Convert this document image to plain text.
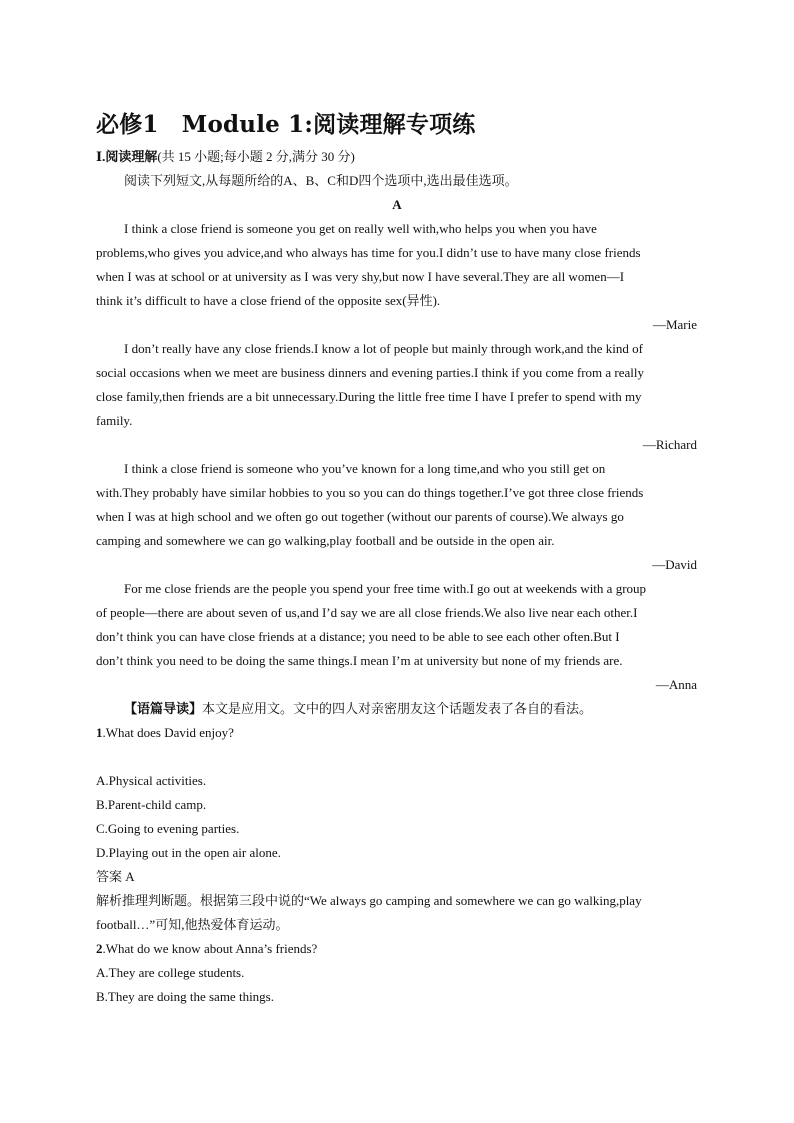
必修1　Module 1:阅读理解专项练
Ⅰ.阅读理解(共 15 小题;每小题 2 分,满分 30 分)
阅读下列短文,从每题所给的A、B、C和D四个选项中,选出最佳选项。
A
I think a close friend is someone you get on really well with,who helps you when you have
problems,who gives you advice,and who always has time for you.I didn’t use to have many close friends
when I was at school or at university as I was very shy,but now I have several.They are all women—I
think it’s difficult to have a close friend of the opposite sex(异性).
—Marie
I don’t really have any close friends.I know a lot of people but mainly through work,and the kind of
social occasions when we meet are business dinners and evening parties.I think if you come from a really
close family,then friends are a bit unnecessary.During the little free time I have I prefer to spend with my
family.
—Richard
I think a close friend is someone who you’ve known for a long time,and who you still get on
with.They probably have similar hobbies to you so you can do things together.I’ve got three close friends
when I was at high school and we often go out together (without our parents of course).We always go
camping and somewhere we can go walking,play football and be outside in the open air.
—David
For me close friends are the people you spend your free time with.I go out at weekends with a group
of people—there are about seven of us,and I’d say we are all close friends.We also live near each other.I
don’t think you can have close friends at a distance; you need to be able to see each other often.But I
don’t think you need to be doing the same things.I mean I’m at university but none of my friends are.
—Anna
【语篇导读】本文是应用文。文中的四人对亲密朋友这个话题发表了各自的看法。
1.What does David enjoy?
A.Physical activities.
B.Parent-child camp.
C.Going to evening parties.
D.Playing out in the open air alone.
答案 A
解析推理判断题。根据第三段中说的“We always go camping and somewhere we can go walking,play
football…”可知,他热爱体育运动。
2.What do we know about Anna’s friends?
A.They are college students.
B.They are doing the same things.
